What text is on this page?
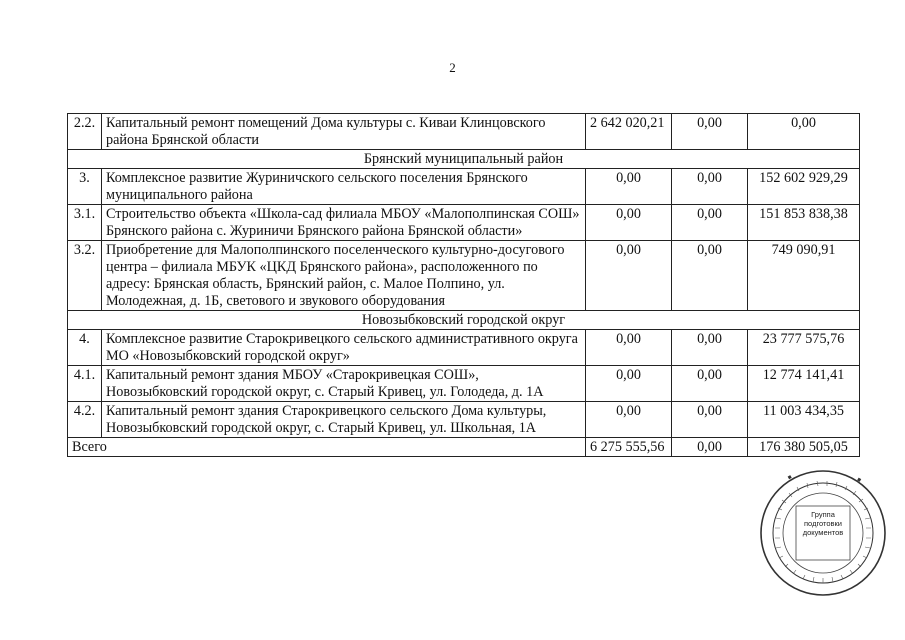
2
2.2.	Капитальный ремонт помещений Дома культуры с. Киваи Клинцовского района Брянской области	2 642 020,21	0,00	0,00
Брянский муниципальный район				
3.	Комплексное развитие Журиничского сельского поселения Брянского муниципального района	0,00	0,00	152 602 929,29
3.1.	Строительство объекта «Школа-сад филиала МБОУ «Малополпинская СОШ» Брянского района с. Журиничи Брянского района Брянской области»	0,00	0,00	151 853 838,38
3.2.	Приобретение для Малополпинского поселенческого культурно-досугового центра – филиала МБУК «ЦКД Брянского района», расположенного по адресу: Брянская область, Брянский район, с. Малое Полпино, ул. Молодежная, д. 1Б, светового и звукового оборудования	0,00	0,00	749 090,91
Новозыбковский городской округ				
4.	Комплексное развитие Старокривецкого сельского административного округа МО «Новозыбковский городской округ»	0,00	0,00	23 777 575,76
4.1.	Капитальный ремонт здания МБОУ «Старокривецкая СОШ», Новозыбковский городской округ, с. Старый Кривец, ул. Голодеда, д. 1А	0,00	0,00	12 774 141,41
4.2.	Капитальный ремонт здания Старокривецкого сельского Дома культуры, Новозыбковский городской округ, с. Старый Кривец, ул. Школьная, 1А	0,00	0,00	11 003 434,35
Всего		6 275 555,56	0,00	176 380 505,05
Группа
подготовки
документов
